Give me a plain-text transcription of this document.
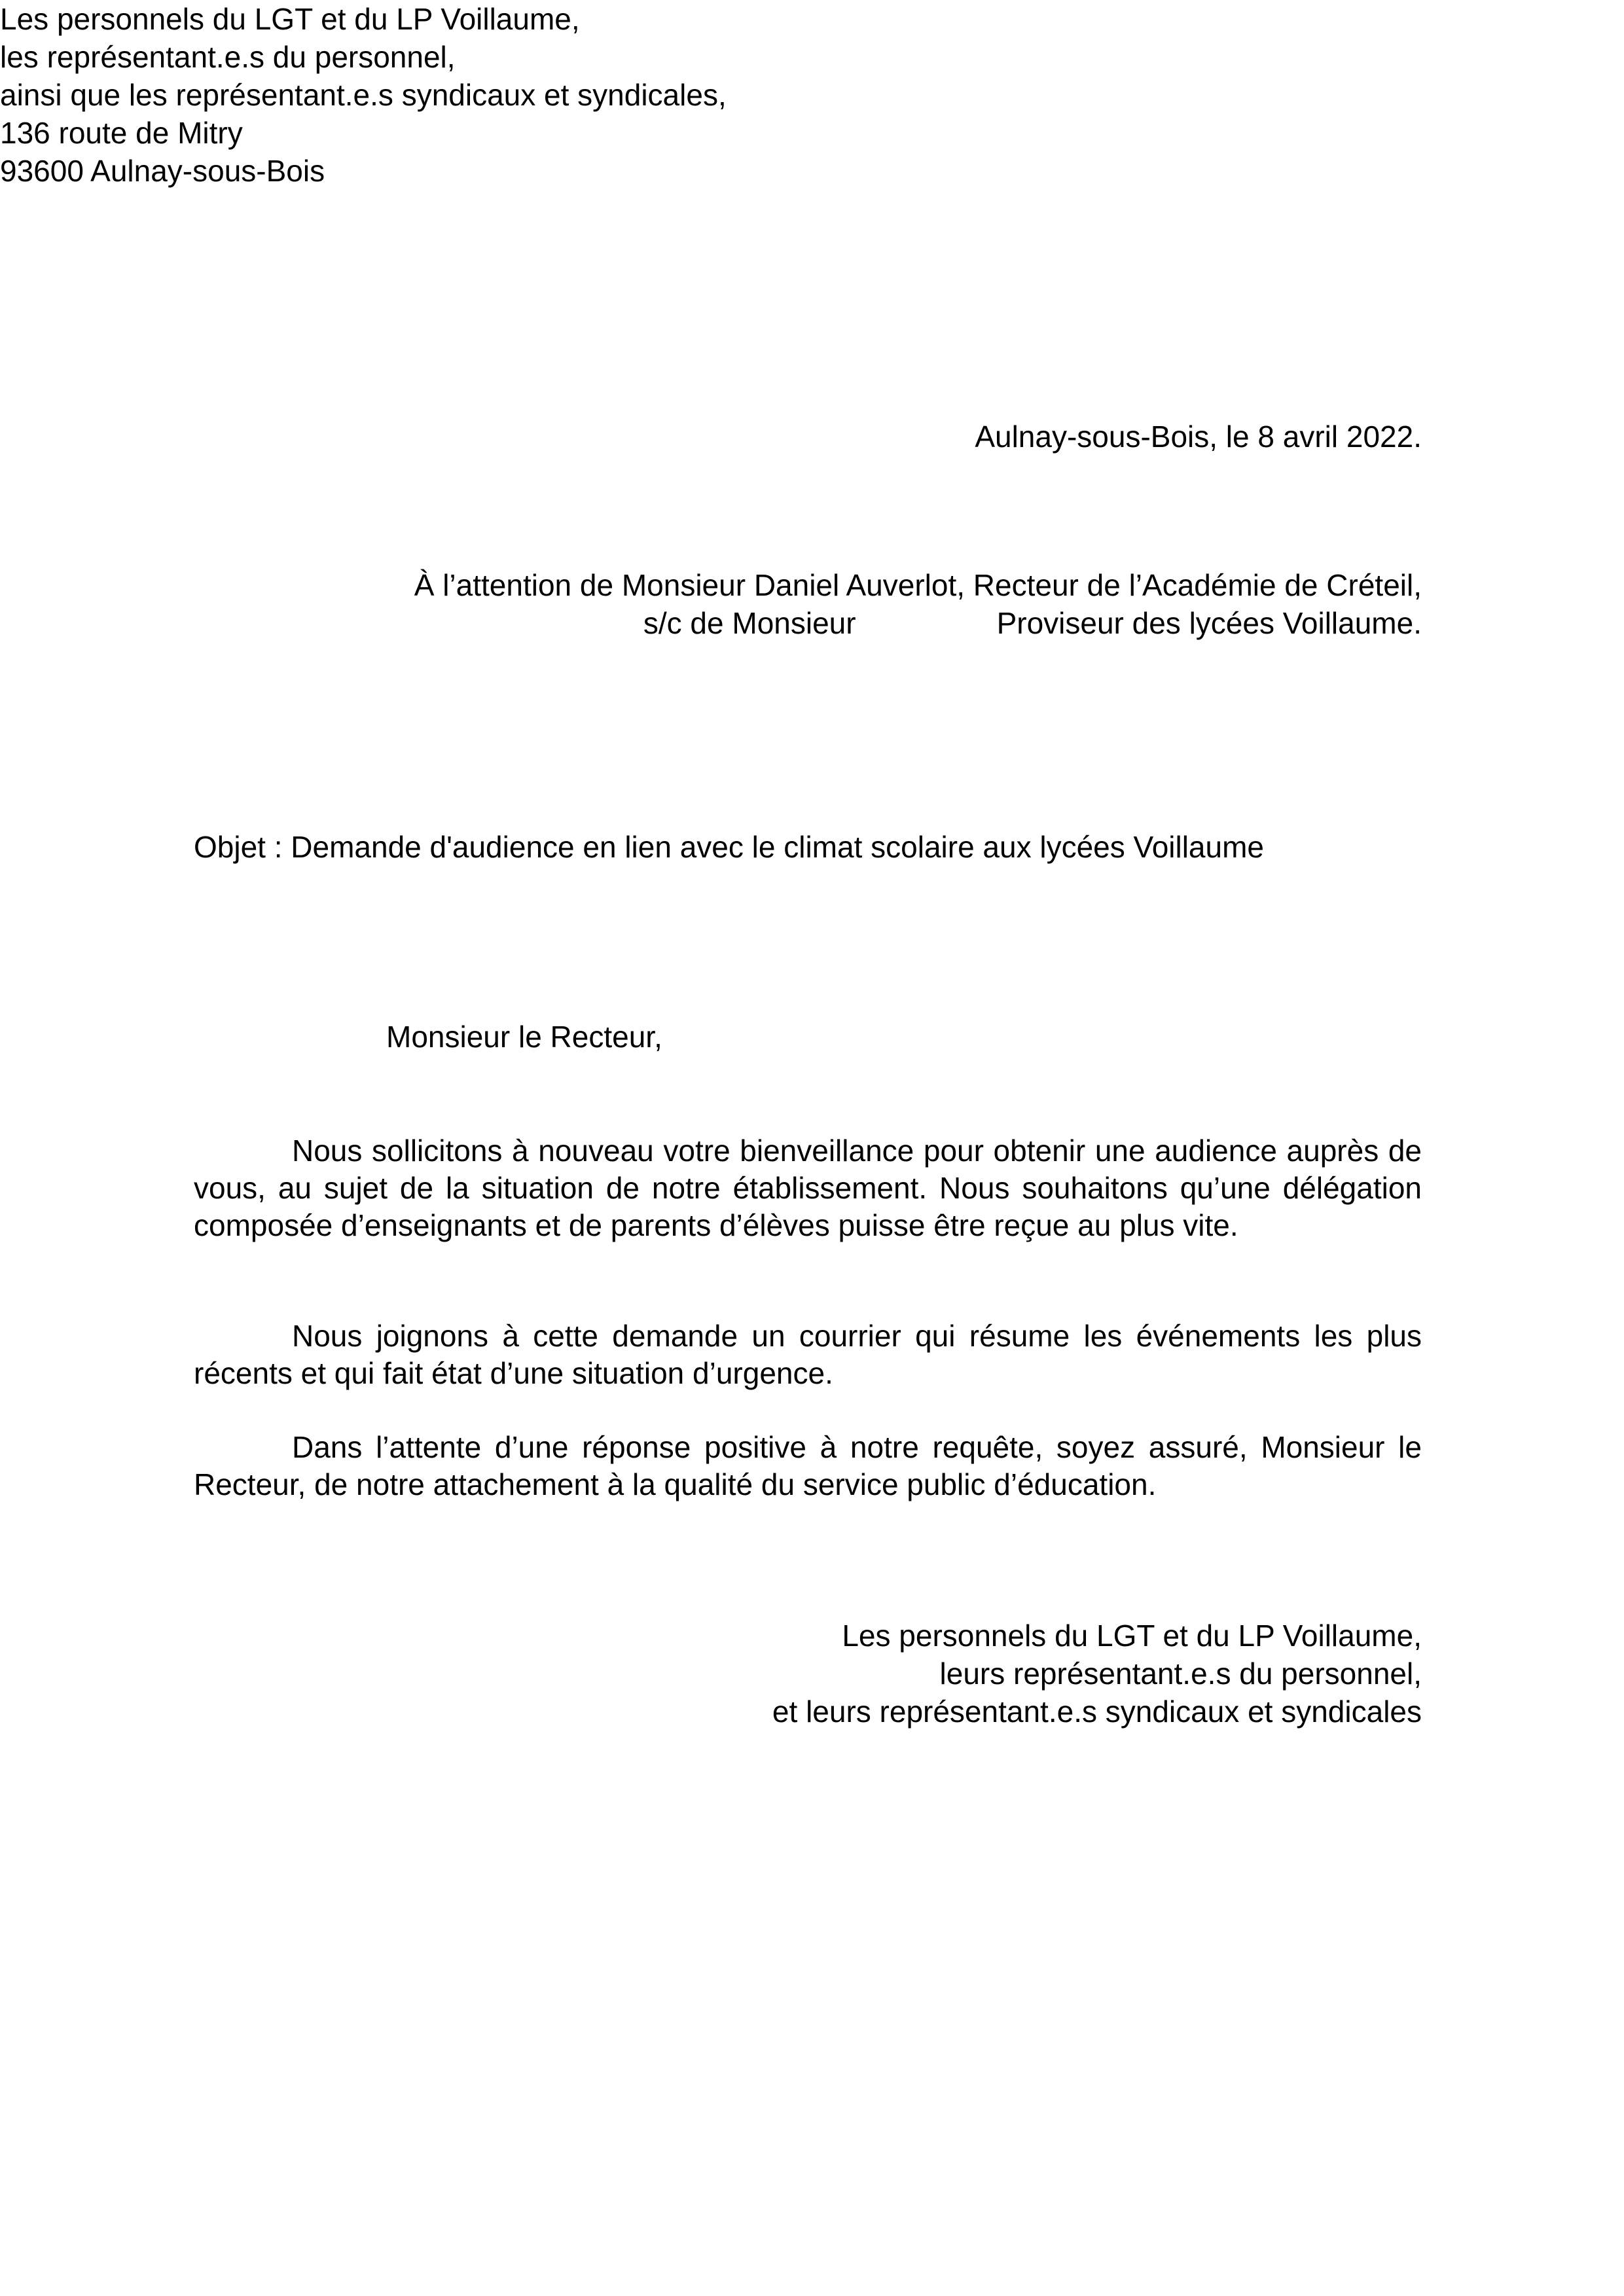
Les personnels du LGT et du LP Voillaume,
les représentant.e.s du personnel,
ainsi que les représentant.e.s syndicaux et syndicales,
136 route de Mitry
93600 Aulnay-sous-Bois
Aulnay-sous-Bois, le 8 avril 2022.
À l’attention de Monsieur Daniel Auverlot, Recteur de l’Académie de Créteil,
s/c de Monsieur	Proviseur des lycées Voillaume.
Objet : Demande d'audience en lien avec le climat scolaire aux lycées Voillaume
Monsieur le Recteur,

Nous sollicitons à nouveau votre bienveillance pour obtenir une audience auprès de vous, au sujet de la situation de notre établissement. Nous souhaitons qu’une délégation composée d’enseignants et de parents d’élèves puisse être reçue au plus vite.

Nous joignons à cette demande un courrier qui résume les événements les plus récents et qui fait état d’une situation d’urgence.

Dans l’attente d’une réponse positive à notre requête, soyez assuré, Monsieur le Recteur, de notre attachement à la qualité du service public d’éducation.

Les personnels du LGT et du LP Voillaume,
leurs représentant.e.s du personnel,
et leurs représentant.e.s syndicaux et syndicales
